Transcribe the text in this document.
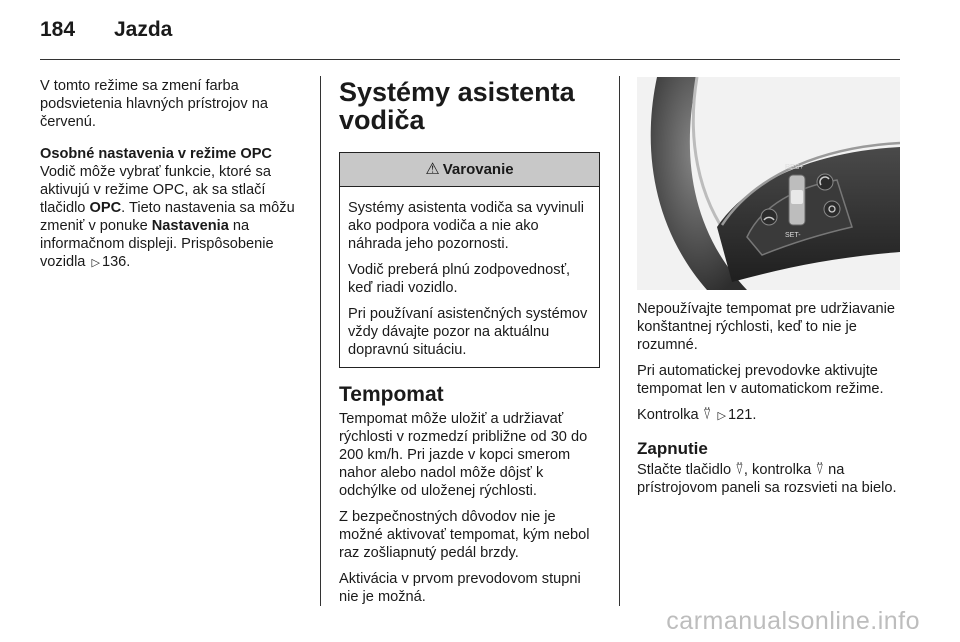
184 Jazda

V tomto režime sa zmení farba podsvietenia hlavných prístrojov na červenú.

Osobné nastavenia v režime OPC
Vodič môže vybrať funkcie, ktoré sa aktivujú v režime OPC, ak sa stlačí tlačidlo OPC. Tieto nastavenia sa môžu zmeniť v ponuke Nastavenia na informačnom displeji. Prispôsobenie vozidla ▷ 136.

Systémy asistenta vodiča
⚠ Varovanie

Systémy asistenta vodiča sa vyvinuli ako podpora vodiča a nie ako náhrada jeho pozornosti.

Vodič preberá plnú zodpovednosť, keď riadi vozidlo.

Pri používaní asistenčných systémov vždy dávajte pozor na aktuálnu dopravnú situáciu.

Tempomat

Tempomat môže uložiť a udržiavať rýchlosti v rozmedzí približne od 30 do 200 km/h. Pri jazde v kopci smerom nahor alebo nadol môže dôjsť k odchýlke od uloženej rýchlosti.

Z bezpečnostných dôvodov nie je možné aktivovať tempomat, kým nebol raz zošliapnutý pedál brzdy.

Aktivácia v prvom prevodovom stupni nie je možná.

RES+
SET-

Nepoužívajte tempomat pre udržiavanie konštantnej rýchlosti, keď to nie je rozumné.

Pri automatickej prevodovke aktivujte tempomat len v automatickom režime.

Kontrolka ⍢ ▷ 121.

Zapnutie

Stlačte tlačidlo ⍢, kontrolka ⍢ na prístrojovom paneli sa rozsvieti na bielo.

carmanualsonline.info
